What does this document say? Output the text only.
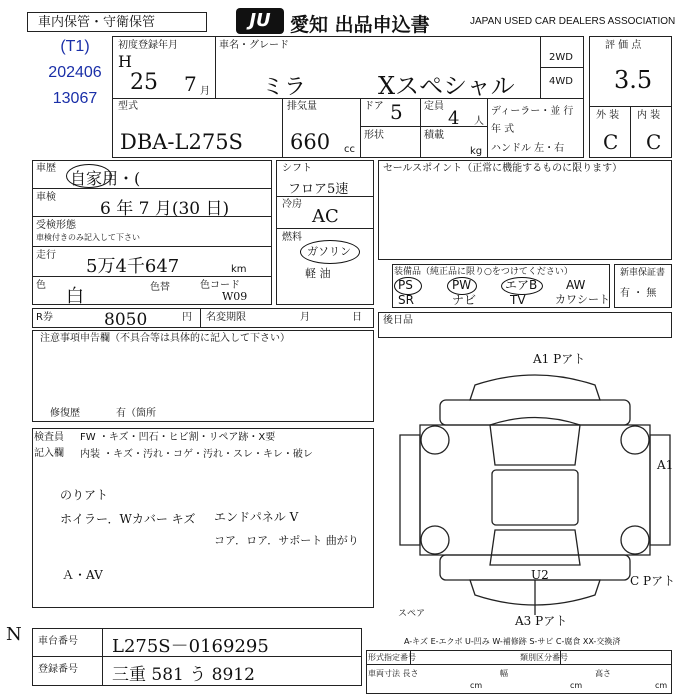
車内保管・守衛保管	JU	愛知 出品申込書	JAPAN USED CAR DEALERS ASSOCIATION
(T1)
202406
13067
初度登録年月
H
25 7 月
車名・グレード
ミラ	Xスペシャル
2WD
4WD
型式
DBA-L275S
排気量
660 cc
ドア 5 定員
4 人
形状	積載
kg
ディーラー・並 行
年 式
ハンドル 左・右
評 価 点
3.5
外 装 内 装
C C
車歴
自家用・(
車検
6 年 7 月(30 日)
受検形態
車検付きのみ記入して下さい
走行
5万4千647	km
色
白	色替	色コード
W09
シフト
フロア5速
冷房
AC
燃料
ガソリン
軽 油
セールスポイント（正常に機能するものに限ります）
装備品（純正品に限り○をつけてください）
PS	PW	エアB AW
SR	ナビ	TV	カワシート
新車保証書
有 ・ 無
R券	8050	円 名変期限	月	日 後日品
注意事項申告欄（不具合等は具体的に記入して下さい）
修復歴	有（箇所
検査員
記入欄
FW ・キズ・凹石・ヒビ割・リペア跡・X要
内装 ・キズ・汚れ・コゲ・汚れ・スレ・キレ・破レ
のりアト
ホイラー．Wカバー キズ エンドパネル V
コア．ロア．サポート 曲がり
Ａ・AV
A1 Pアト
A1
U2	C Pアト
A3 Pアト
スペア
A-キズ E-エクボ U-凹み W-補修跡 S-サビ C-腐食 XX-交換済
N 車台番号 L275S－0169295
登録番号 三重 581 う 8912
形式指定番号	類別区分番号
車両寸法 長さ
cm
幅
cm
高さ
cm
